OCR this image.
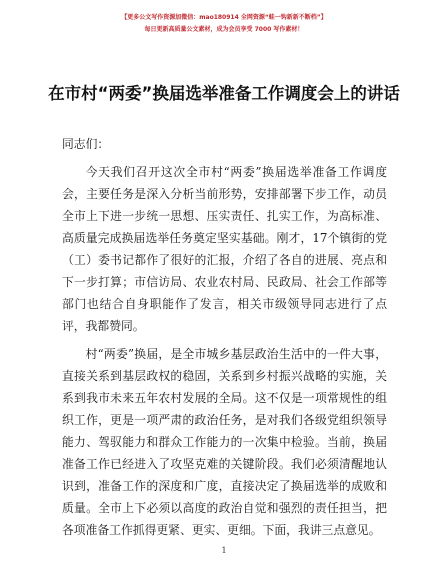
【更多公文写作资源加微信：mao180914 全网资源“蛙一钩新新不断档”】
每日更新高质量公文素材，成为会员享受 7000 写作素材！
在市村“两委”换届选举准备工作调度会上的讲话

同志们：

今天我们召开这次全市村“两委”换届选举准备工作调度会，主要任务是深入分析当前形势，安排部署下步工作，动员全市上下进一步统一思想、压实责任、扎实工作，为高标准、高质量完成换届选举任务奠定坚实基础。刚才，17个镇街的党（工）委书记都作了很好的汇报，介绍了各自的进展、亮点和下一步打算；市信访局、农业农村局、民政局、社会工作部等部门也结合自身职能作了发言，相关市级领导同志进行了点评，我都赞同。

村“两委”换届，是全市城乡基层政治生活中的一件大事，直接关系到基层政权的稳固，关系到乡村振兴战略的实施，关系到我市未来五年农村发展的全局。这不仅是一项常规性的组织工作，更是一项严肃的政治任务，是对我们各级党组织领导能力、驾驭能力和群众工作能力的一次集中检验。当前，换届准备工作已经进入了攻坚克难的关键阶段。我们必须清醒地认识到，准备工作的深度和广度，直接决定了换届选举的成败和质量。全市上下必须以高度的政治自觉和强烈的责任担当，把各项准备工作抓得更紧、更实、更细。下面，我讲三点意见。

1
